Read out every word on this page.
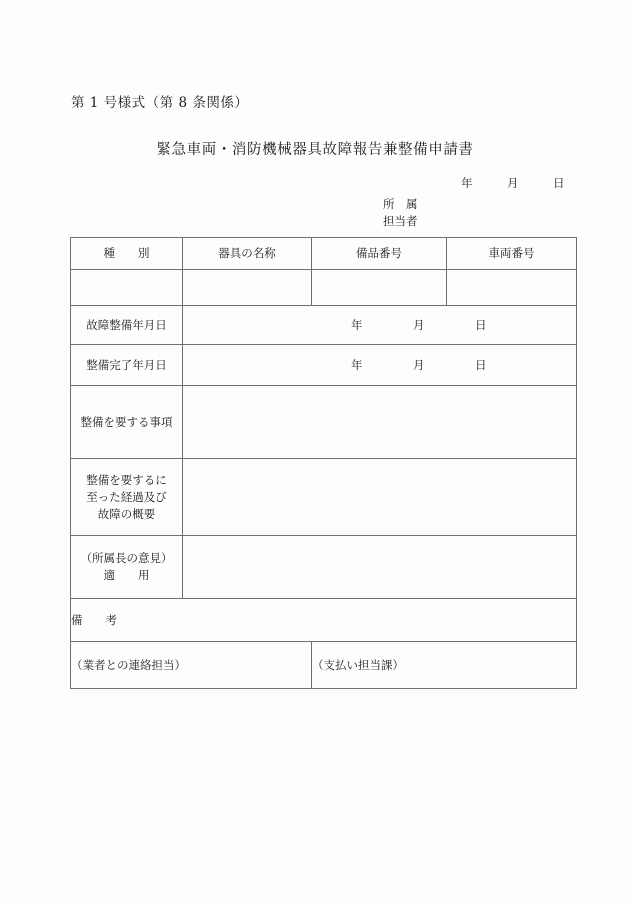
第 1 号様式（第 8 条関係）
緊急車両・消防機械器具故障報告兼整備申請書
年	月	日
所　属
担当者
種　　別	器具の名称	備品番号	車両番号

故障整備年月日	年 月 日		

整備完了年月日	年 月 日		

整備を要する事項			

整備を要するに
至った経過及び
故障の概要			

（所属長の意見）
適　　用			

備　　考			
（業者との連絡担当）		（支払い担当課）	
